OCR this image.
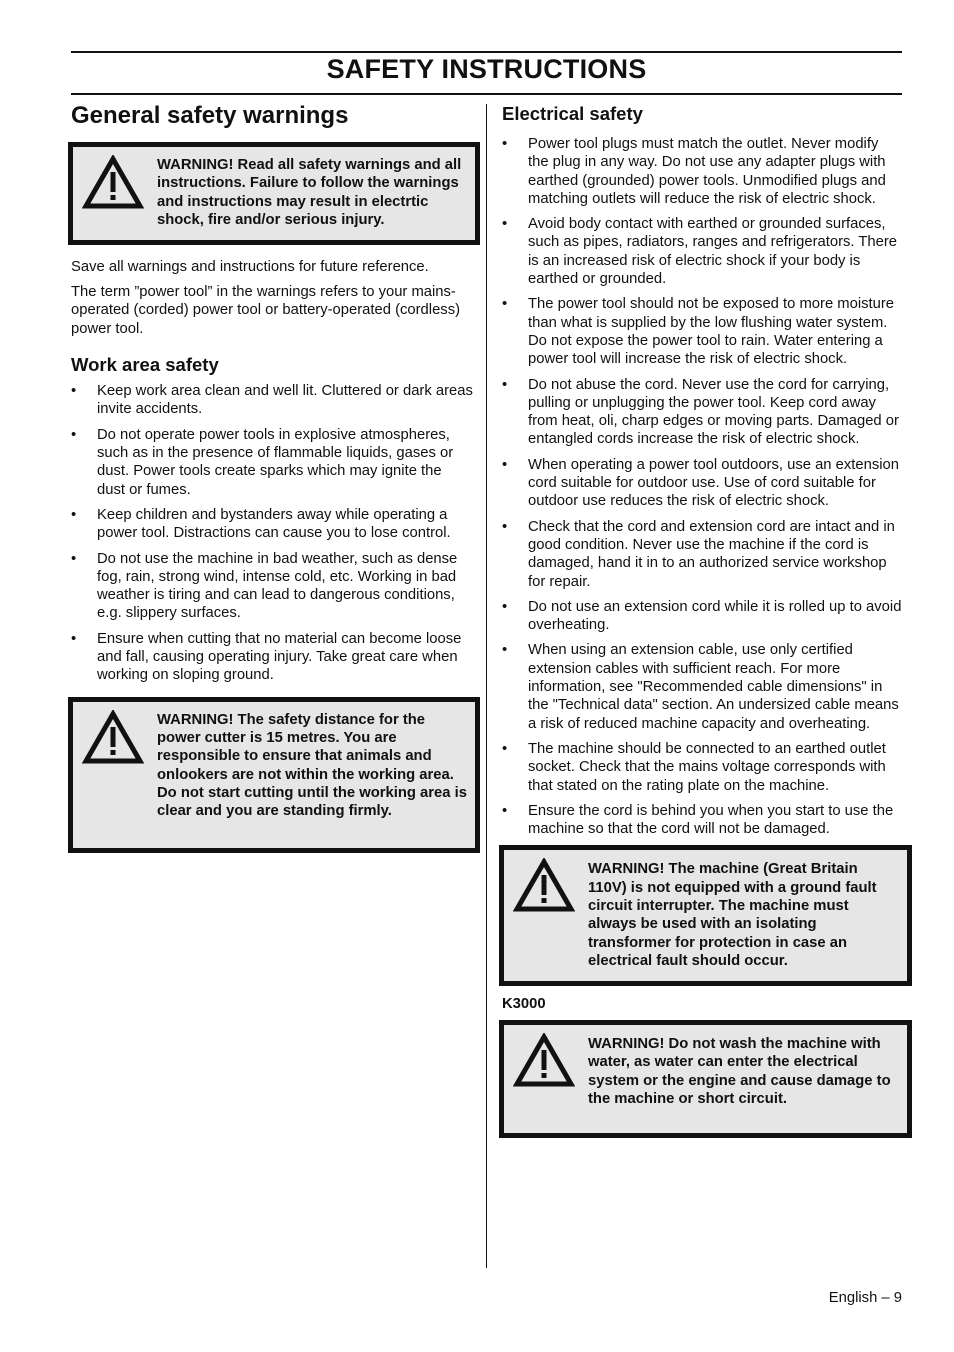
SAFETY INSTRUCTIONS
General safety warnings
WARNING! Read all safety warnings and all instructions. Failure to follow the warnings and instructions may result in electrtic shock, fire and/or serious injury.

Save all warnings and instructions for future reference.

The term ”power tool” in the warnings refers to your mains-operated (corded) power tool or battery-operated (cordless) power tool.

Work area safety
• Keep work area clean and well lit. Cluttered or dark areas invite accidents.
• Do not operate power tools in explosive atmospheres, such as in the presence of flammable liquids, gases or dust. Power tools create sparks which may ignite the dust or fumes.
• Keep children and bystanders away while operating a power tool. Distractions can cause you to lose control.
• Do not use the machine in bad weather, such as dense fog, rain, strong wind, intense cold, etc. Working in bad weather is tiring and can lead to dangerous conditions, e.g. slippery surfaces.
• Ensure when cutting that no material can become loose and fall, causing operating injury. Take great care when working on sloping ground.
WARNING! The safety distance for the power cutter is 15 metres. You are responsible to ensure that animals and onlookers are not within the working area. Do not start cutting until the working area is clear and you are standing firmly.
Electrical safety
• Power tool plugs must match the outlet. Never modify the plug in any way. Do not use any adapter plugs with earthed (grounded) power tools. Unmodified plugs and matching outlets will reduce the risk of electric shock.
• Avoid body contact with earthed or grounded surfaces, such as pipes, radiators, ranges and refrigerators. There is an increased risk of electric shock if your body is earthed or grounded.
• The power tool should not be exposed to more moisture than what is supplied by the low flushing water system. Do not expose the power tool to rain. Water entering a power tool will increase the risk of electric shock.
• Do not abuse the cord. Never use the cord for carrying, pulling or unplugging the power tool. Keep cord away from heat, oli, charp edges or moving parts. Damaged or entangled cords increase the risk of electric shock.
• When operating a power tool outdoors, use an extension cord suitable for outdoor use. Use of cord suitable for outdoor use reduces the risk of electric shock.
• Check that the cord and extension cord are intact and in good condition. Never use the machine if the cord is damaged, hand it in to an authorized service workshop for repair.
• Do not use an extension cord while it is rolled up to avoid overheating.
• When using an extension cable, use only certified extension cables with sufficient reach. For more information, see "Recommended cable dimensions" in the "Technical data" section. An undersized cable means a risk of reduced machine capacity and overheating.
• The machine should be connected to an earthed outlet socket. Check that the mains voltage corresponds with that stated on the rating plate on the machine.
• Ensure the cord is behind you when you start to use the machine so that the cord will not be damaged.
WARNING! The machine (Great Britain 110V) is not equipped with a ground fault circuit interrupter. The machine must always be used with an isolating transformer for protection in case an electrical fault should occur.
K3000
WARNING! Do not wash the machine with water, as water can enter the electrical system or the engine and cause damage to the machine or short circuit.
English – 9
